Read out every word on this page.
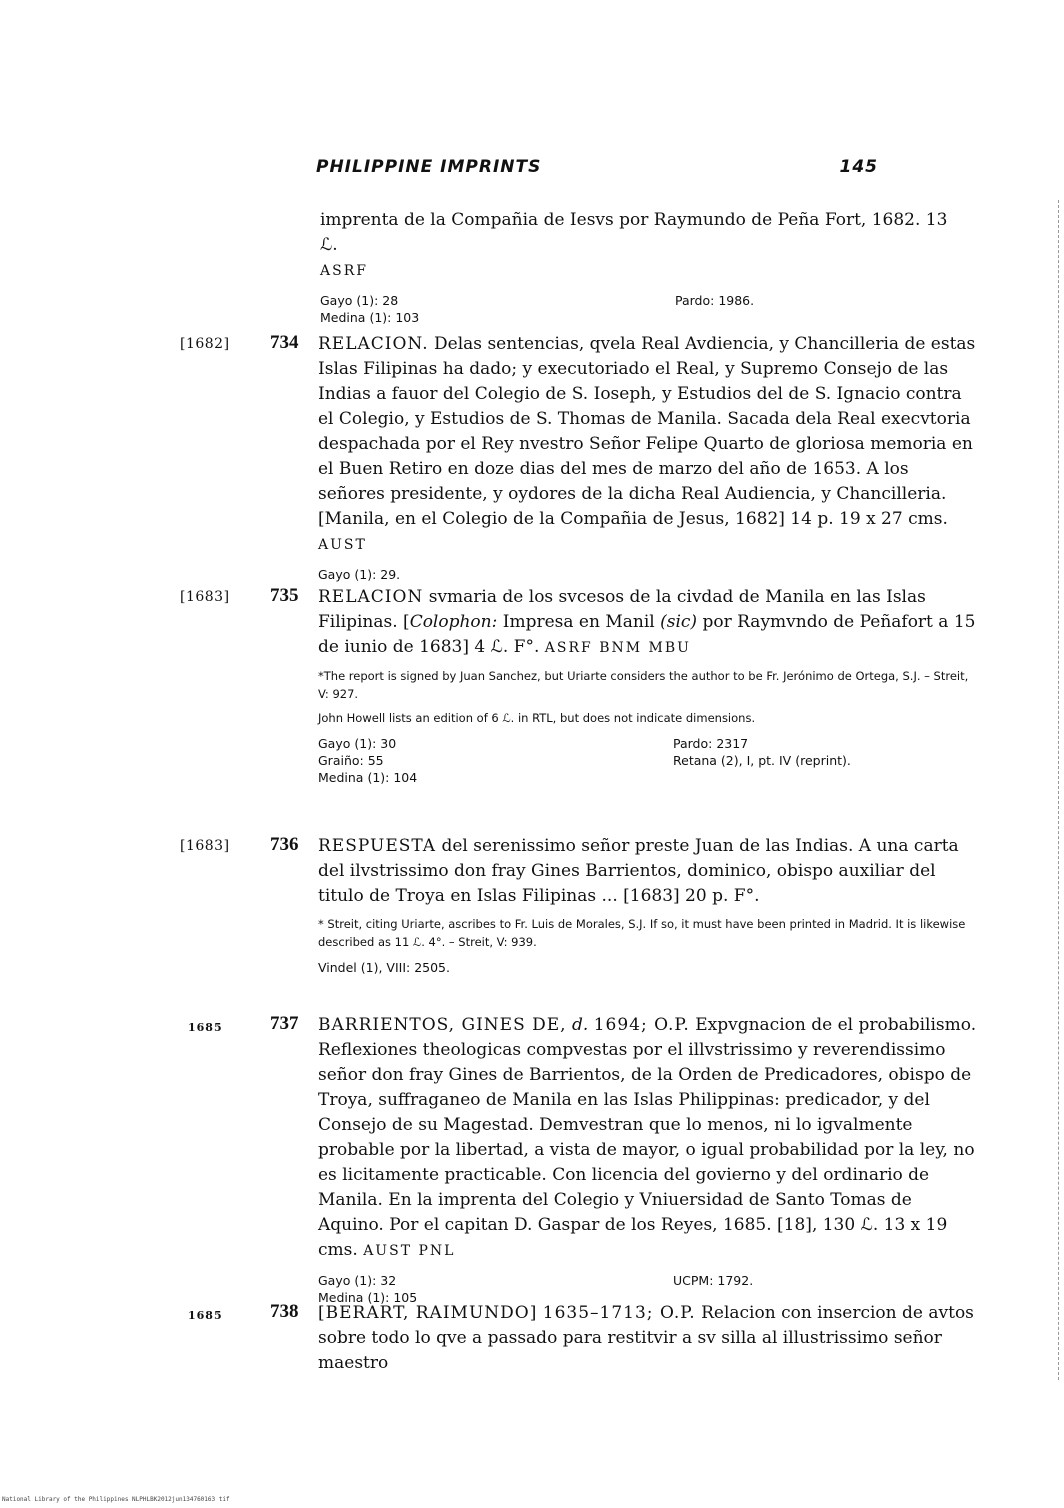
PHILIPPINE IMPRINTS	145

imprenta de la Compañia de Iesvs por Raymundo de Peña Fort, 1682. 13 ℒ.
ASRF

Gayo (1): 28
Medina (1): 103
Pardo: 1986.
[1682] 734 RELACION. Delas sentencias, qvela Real Avdiencia, y Chancilleria de estas Islas Filipinas ha dado; y executoriado el Real, y Supremo Consejo de las Indias a fauor del Colegio de S. Ioseph, y Estudios del de S. Ignacio contra el Colegio, y Estudios de S. Thomas de Manila. Sacada dela Real execvtoria despachada por el Rey nvestro Señor Felipe Quarto de gloriosa memoria en el Buen Retiro en doze dias del mes de marzo del año de 1653. A los señores presidente, y oydores de la dicha Real Audiencia, y Chancilleria. [Manila, en el Colegio de la Compañia de Jesus, 1682] 14 p. 19 x 27 cms. AUST

Gayo (1): 29.
[1683] 735 RELACION svmaria de los svcesos de la civdad de Manila en las Islas Filipinas. [Colophon: Impresa en Manil (sic) por Raymvndo de Peñafort a 15 de iunio de 1683] 4 ℒ. F°. ASRF BNM MBU

*The report is signed by Juan Sanchez, but Uriarte considers the author to be Fr. Jerónimo de Ortega, S.J. – Streit, V: 927.

John Howell lists an edition of 6 ℒ. in RTL, but does not indicate dimensions.

Gayo (1): 30
Graiño: 55
Medina (1): 104
Pardo: 2317
Retana (2), I, pt. IV (reprint).
[1683] 736 RESPUESTA del serenissimo señor preste Juan de las Indias. A una carta del ilvstrissimo don fray Gines Barrientos, dominico, obispo auxiliar del titulo de Troya en Islas Filipinas ... [1683] 20 p. F°.

* Streit, citing Uriarte, ascribes to Fr. Luis de Morales, S.J. If so, it must have been printed in Madrid. It is likewise described as 11 ℒ. 4°. – Streit, V: 939.

Vindel (1), VIII: 2505.
1685 737 BARRIENTOS, GINES DE, d. 1694; O.P. Expvgnacion de el probabilismo. Reflexiones theologicas compvestas por el illvstrissimo y reverendissimo señor don fray Gines de Barrientos, de la Orden de Predicadores, obispo de Troya, suffraganeo de Manila en las Islas Philippinas: predicador, y del Consejo de su Magestad. Demvestran que lo menos, ni lo igvalmente probable por la libertad, a vista de mayor, o igual probabilidad por la ley, no es licitamente practicable. Con licencia del govierno y del ordinario de Manila. En la imprenta del Colegio y Vniuersidad de Santo Tomas de Aquino. Por el capitan D. Gaspar de los Reyes, 1685. [18], 130 ℒ. 13 x 19 cms. AUST PNL

Gayo (1): 32
Medina (1): 105
UCPM: 1792.
1685 738 [BERART, RAIMUNDO] 1635–1713; O.P. Relacion con insercion de avtos sobre todo lo qve a passado para restitvir a sv silla al illustrissimo señor maestro

National Library of the Philippines NLPHLBK2012jun134760163 tif
